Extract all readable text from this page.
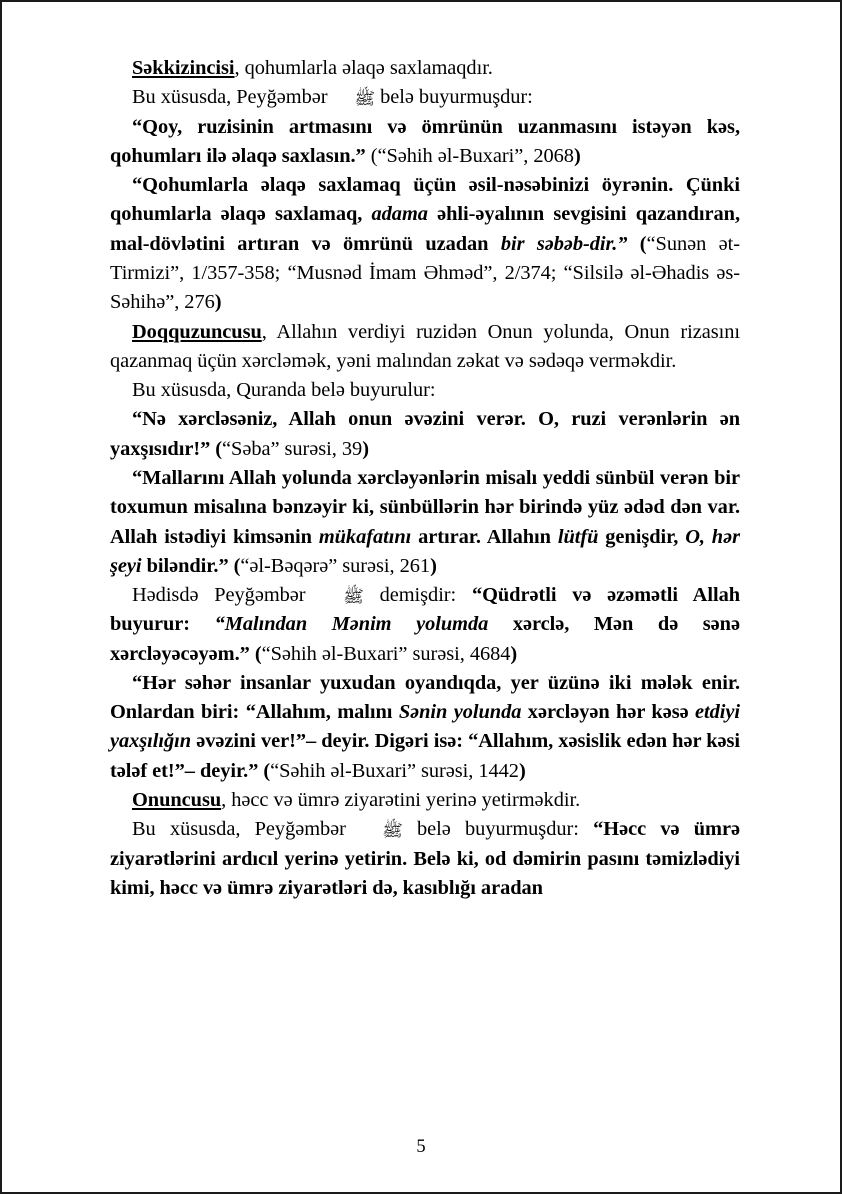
Səkkizincisi, qohumlarla əlaqə saxlamaqdır.

Bu xüsusda, Peyğəmbər ﷺ belə buyurmuşdur:

“Qoy, ruzisinin artmasını və ömrünün uzanmasını istəyən kəs, qohumları ilə əlaqə saxlasın.” (“Səhih əl-Buxari”, 2068)

“Qohumlarla əlaqə saxlamaq üçün əsil-nəsəbinizi öyrənin. Çünki qohumlarla əlaqə saxlamaq, adama əhli-əyalının sevgisini qazandıran, mal-dövlətini artıran və ömrünü uzadan bir səbəb-dir.” (“Sunən ət-Tirmizi”, 1/357-358; “Musnəd İmam Əhməd”, 2/374; “Silsilə əl-Əhadis əs-Səhihə”, 276)

Doqquzuncusu, Allahın verdiyi ruzidən Onun yolunda, Onun rizasını qazanmaq üçün xərcləmək, yəni malından zəkat və sədəqə verməkdir.

Bu xüsusda, Quranda belə buyurulur:

“Nə xərcləsəniz, Allah onun əvəzini verər. O, ruzi verənlərin ən yaxşısıdır!” (“Səba” surəsi, 39)

“Mallarını Allah yolunda xərcləyənlərin misalı yeddi sünbül verən bir toxumun misalına bənzəyir ki, sünbüllərin hər birində yüz ədəd dən var. Allah istədiyi kimsənin mükafatını artırar. Allahın lütfü genişdir, O, hər şeyi biləndir.” (“əl-Bəqərə” surəsi, 261)

Hədisdə Peyğəmbər ﷺ demişdir: “Qüdrətli və əzəmətli Allah buyurur: “Malından Mənim yolumda xərclə, Mən də sənə xərcləyəcəyəm.” (“Səhih əl-Buxari” surəsi, 4684)

“Hər səhər insanlar yuxudan oyandıqda, yer üzünə iki mələk enir. Onlardan biri: “Allahım, malını Sənin yolunda xərcləyən hər kəsə etdiyi yaxşılığın əvəzini ver!”– deyir. Digəri isə: “Allahım, xəsislik edən hər kəsi tələf et!”– deyir.” (“Səhih əl-Buxari” surəsi, 1442)

Onuncusu, həcc və ümrə ziyarətini yerinə yetirməkdir.

Bu xüsusda, Peyğəmbər ﷺ belə buyurmuşdur: “Həcc və ümrə ziyarətlərini ardıcıl yerinə yetirin. Belə ki, od dəmirin pasını təmizlədiyi kimi, həcc və ümrə ziyarətləri də, kasıblığı aradan

5
